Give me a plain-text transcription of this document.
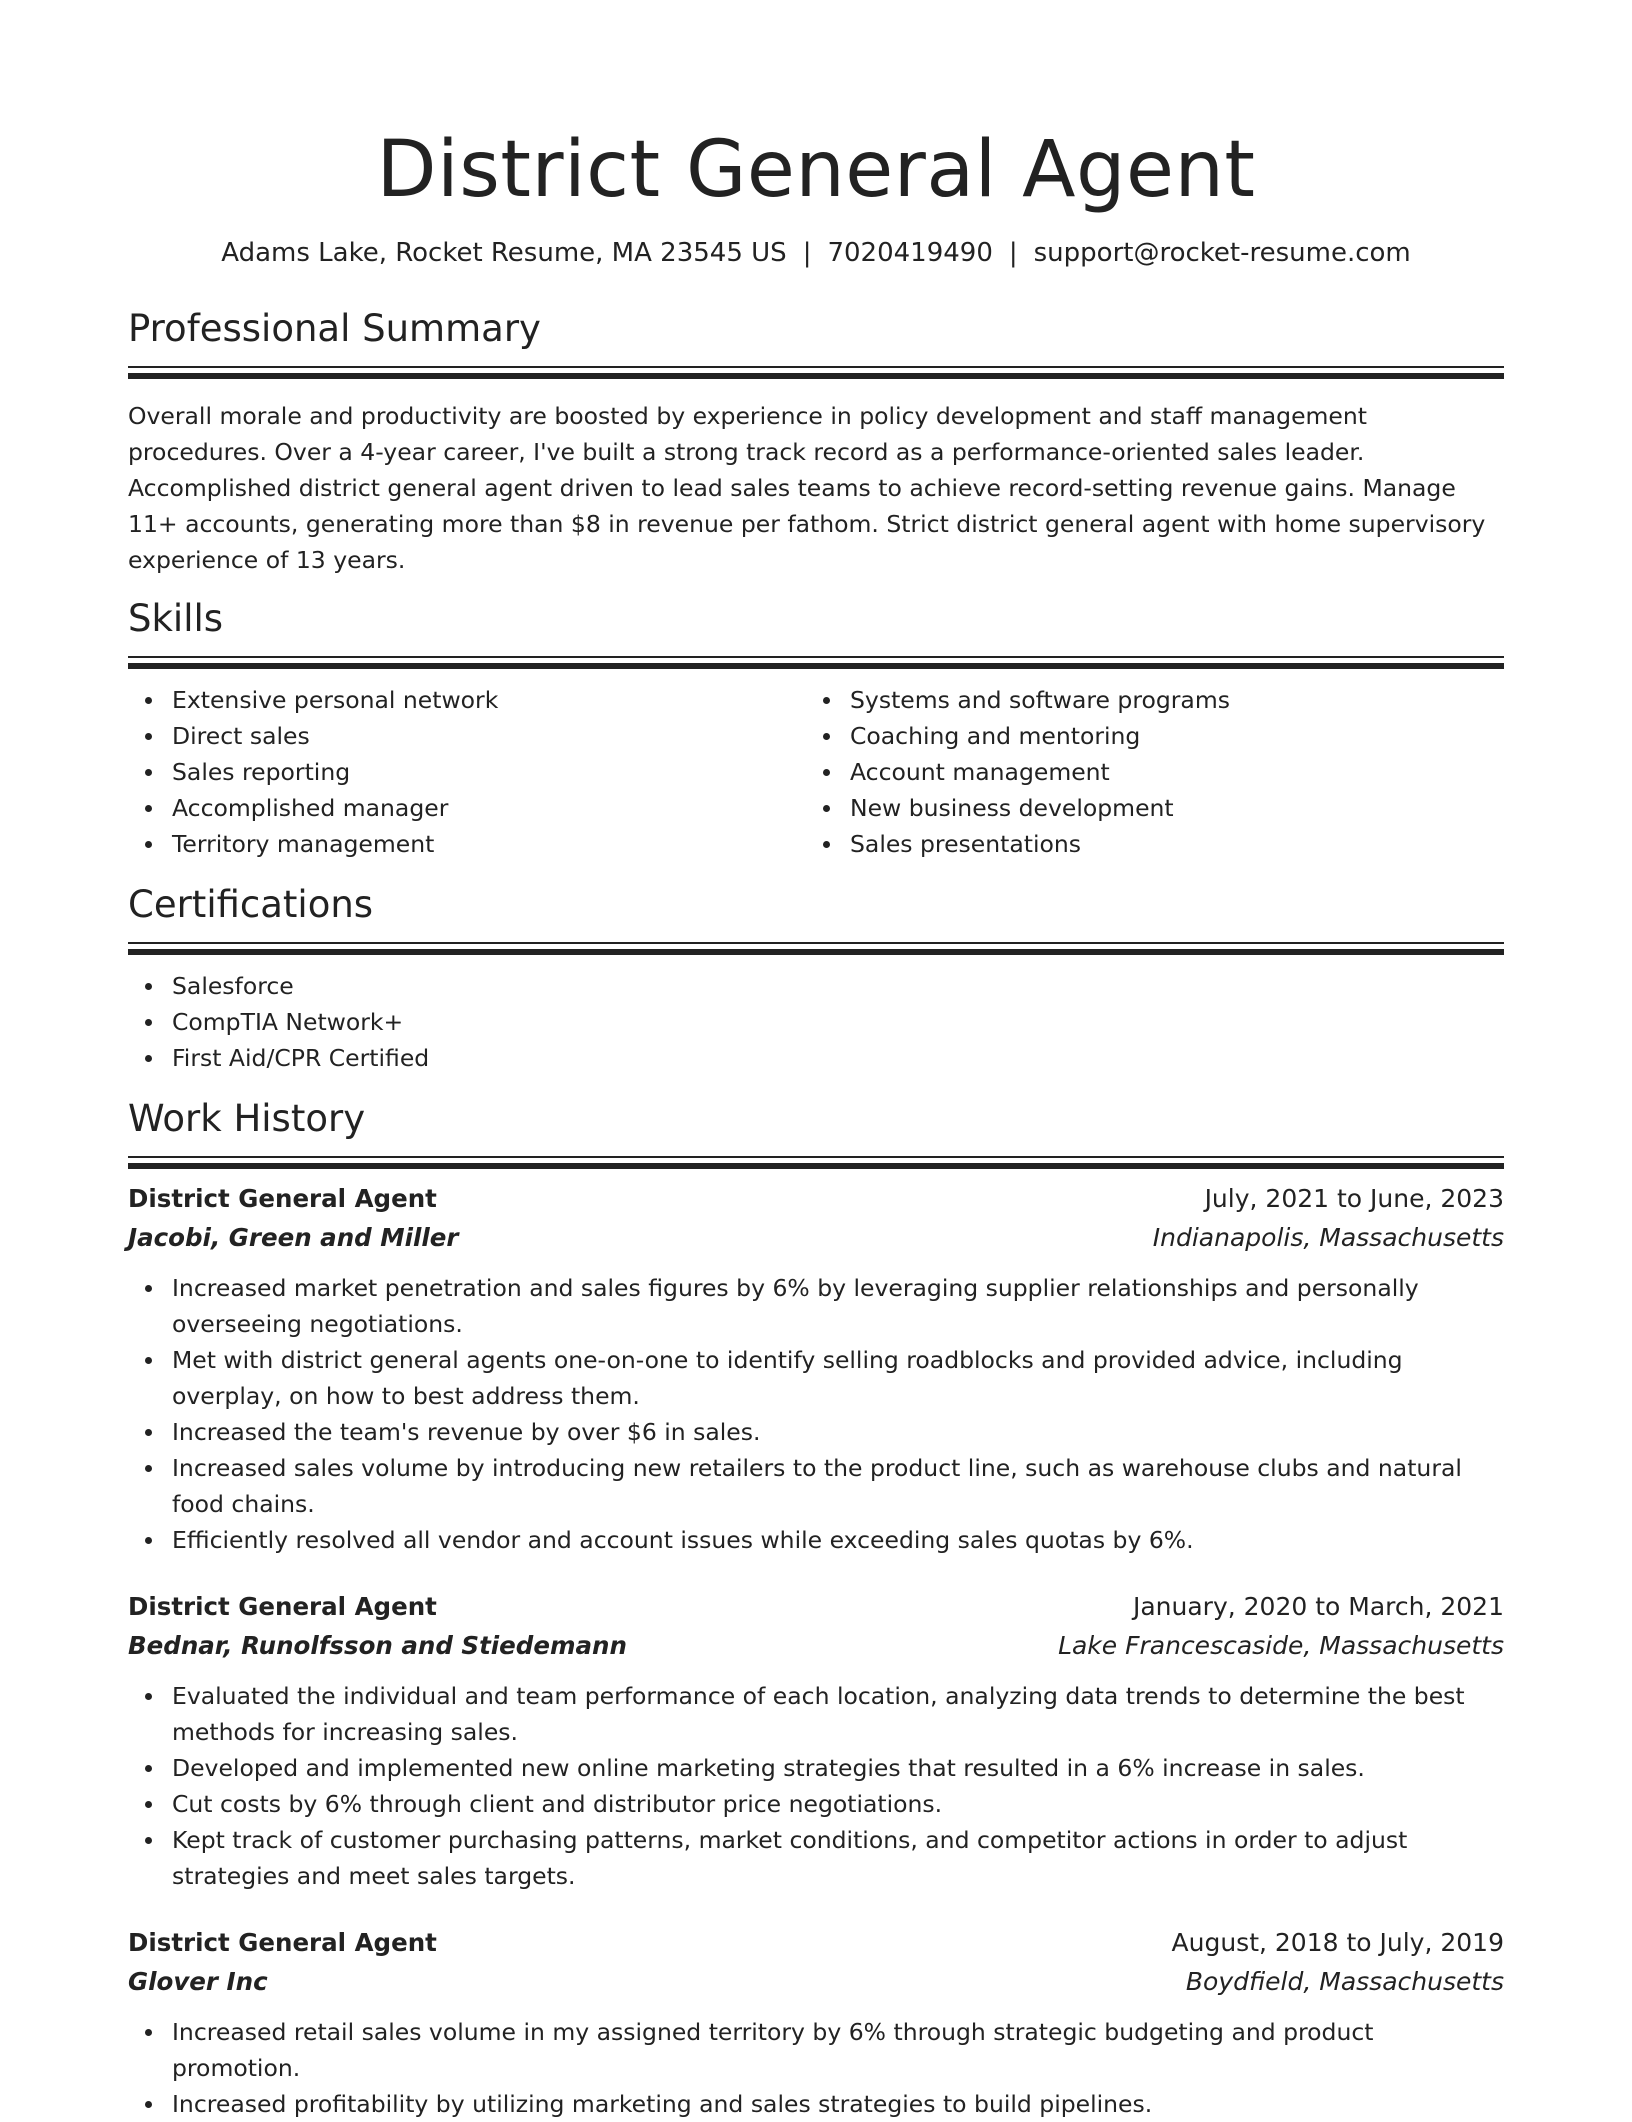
District General Agent
Adams Lake, Rocket Resume, MA 23545 US | 7020419490 | support@rocket-resume.com
Professional Summary
Overall morale and productivity are boosted by experience in policy development and staff management procedures. Over a 4-year career, I've built a strong track record as a performance-oriented sales leader. Accomplished district general agent driven to lead sales teams to achieve record-setting revenue gains. Manage 11+ accounts, generating more than $8 in revenue per fathom. Strict district general agent with home supervisory experience of 13 years.
Skills
Extensive personal network
Direct sales
Sales reporting
Accomplished manager
Territory management
Systems and software programs
Coaching and mentoring
Account management
New business development
Sales presentations
Certifications
Salesforce
CompTIA Network+
First Aid/CPR Certified
Work History
District General Agent	July, 2021 to June, 2023
Jacobi, Green and Miller	Indianapolis, Massachusetts
Increased market penetration and sales figures by 6% by leveraging supplier relationships and personally overseeing negotiations.
Met with district general agents one-on-one to identify selling roadblocks and provided advice, including overplay, on how to best address them.
Increased the team's revenue by over $6 in sales.
Increased sales volume by introducing new retailers to the product line, such as warehouse clubs and natural food chains.
Efficiently resolved all vendor and account issues while exceeding sales quotas by 6%.
District General Agent	January, 2020 to March, 2021
Bednar, Runolfsson and Stiedemann	Lake Francescaside, Massachusetts
Evaluated the individual and team performance of each location, analyzing data trends to determine the best methods for increasing sales.
Developed and implemented new online marketing strategies that resulted in a 6% increase in sales.
Cut costs by 6% through client and distributor price negotiations.
Kept track of customer purchasing patterns, market conditions, and competitor actions in order to adjust strategies and meet sales targets.
District General Agent	August, 2018 to July, 2019
Glover Inc	Boydfield, Massachusetts
Increased retail sales volume in my assigned territory by 6% through strategic budgeting and product promotion.
Increased profitability by utilizing marketing and sales strategies to build pipelines.
